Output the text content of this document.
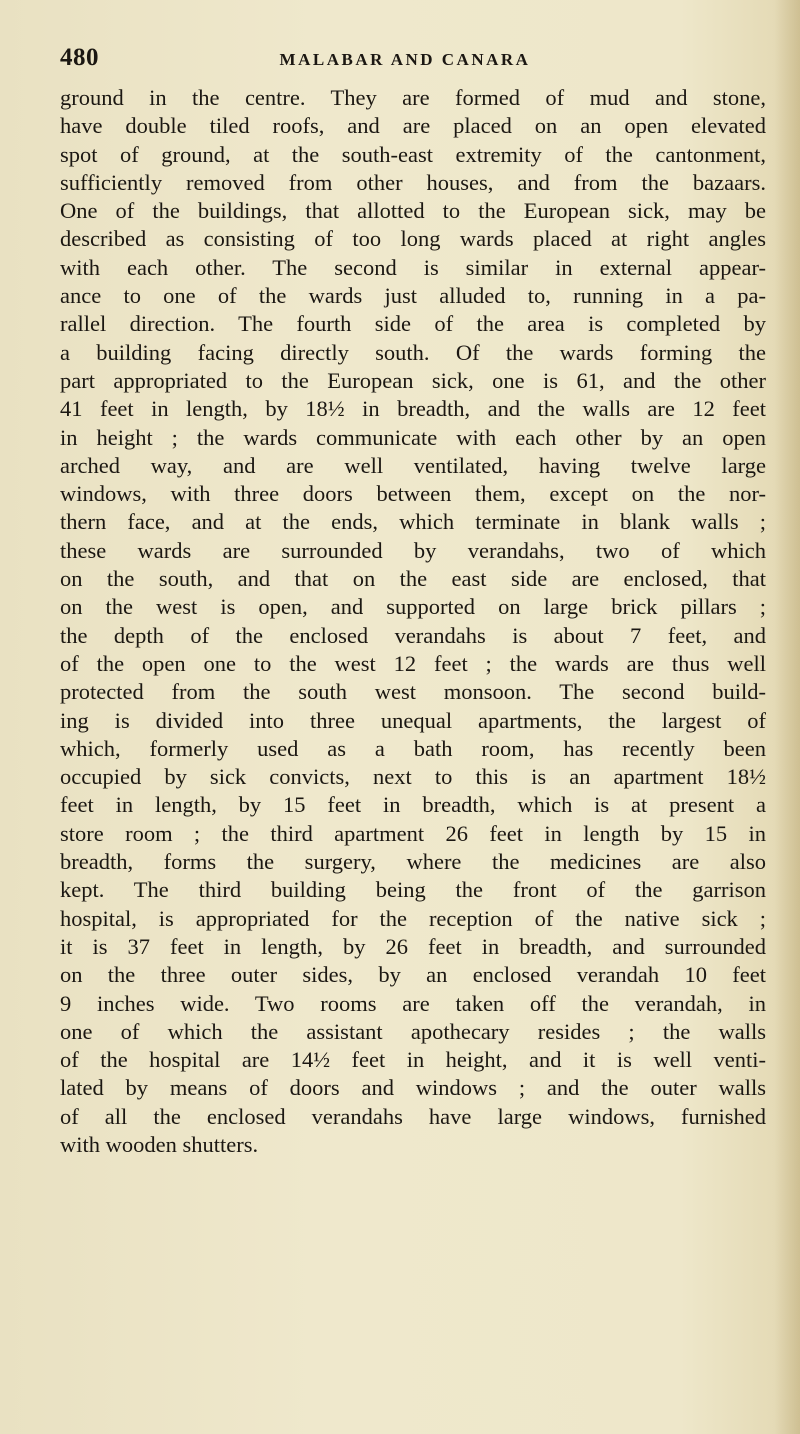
480	MALABAR AND CANARA
ground in the centre. They are formed of mud and stone,
have double tiled roofs, and are placed on an open elevated
spot of ground, at the south-east extremity of the cantonment,
sufficiently removed from other houses, and from the bazaars.
One of the buildings, that allotted to the European sick, may be
described as consisting of too long wards placed at right angles
with each other. The second is similar in external appear-
ance to one of the wards just alluded to, running in a pa-
rallel direction. The fourth side of the area is completed by
a building facing directly south. Of the wards forming the
part appropriated to the European sick, one is 61, and the other
41 feet in length, by 18½ in breadth, and the walls are 12 feet
in height ; the wards communicate with each other by an open
arched way, and are well ventilated, having twelve large
windows, with three doors between them, except on the nor-
thern face, and at the ends, which terminate in blank walls ;
these wards are surrounded by verandahs, two of which
on the south, and that on the east side are enclosed, that
on the west is open, and supported on large brick pillars ;
the depth of the enclosed verandahs is about 7 feet, and
of the open one to the west 12 feet ; the wards are thus well
protected from the south west monsoon. The second build-
ing is divided into three unequal apartments, the largest of
which, formerly used as a bath room, has recently been
occupied by sick convicts, next to this is an apartment 18½
feet in length, by 15 feet in breadth, which is at present a
store room ; the third apartment 26 feet in length by 15 in
breadth, forms the surgery, where the medicines are also
kept. The third building being the front of the garrison
hospital, is appropriated for the reception of the native sick ;
it is 37 feet in length, by 26 feet in breadth, and surrounded
on the three outer sides, by an enclosed verandah 10 feet
9 inches wide. Two rooms are taken off the verandah, in
one of which the assistant apothecary resides ; the walls
of the hospital are 14½ feet in height, and it is well venti-
lated by means of doors and windows ; and the outer walls
of all the enclosed verandahs have large windows, furnished
with wooden shutters.
